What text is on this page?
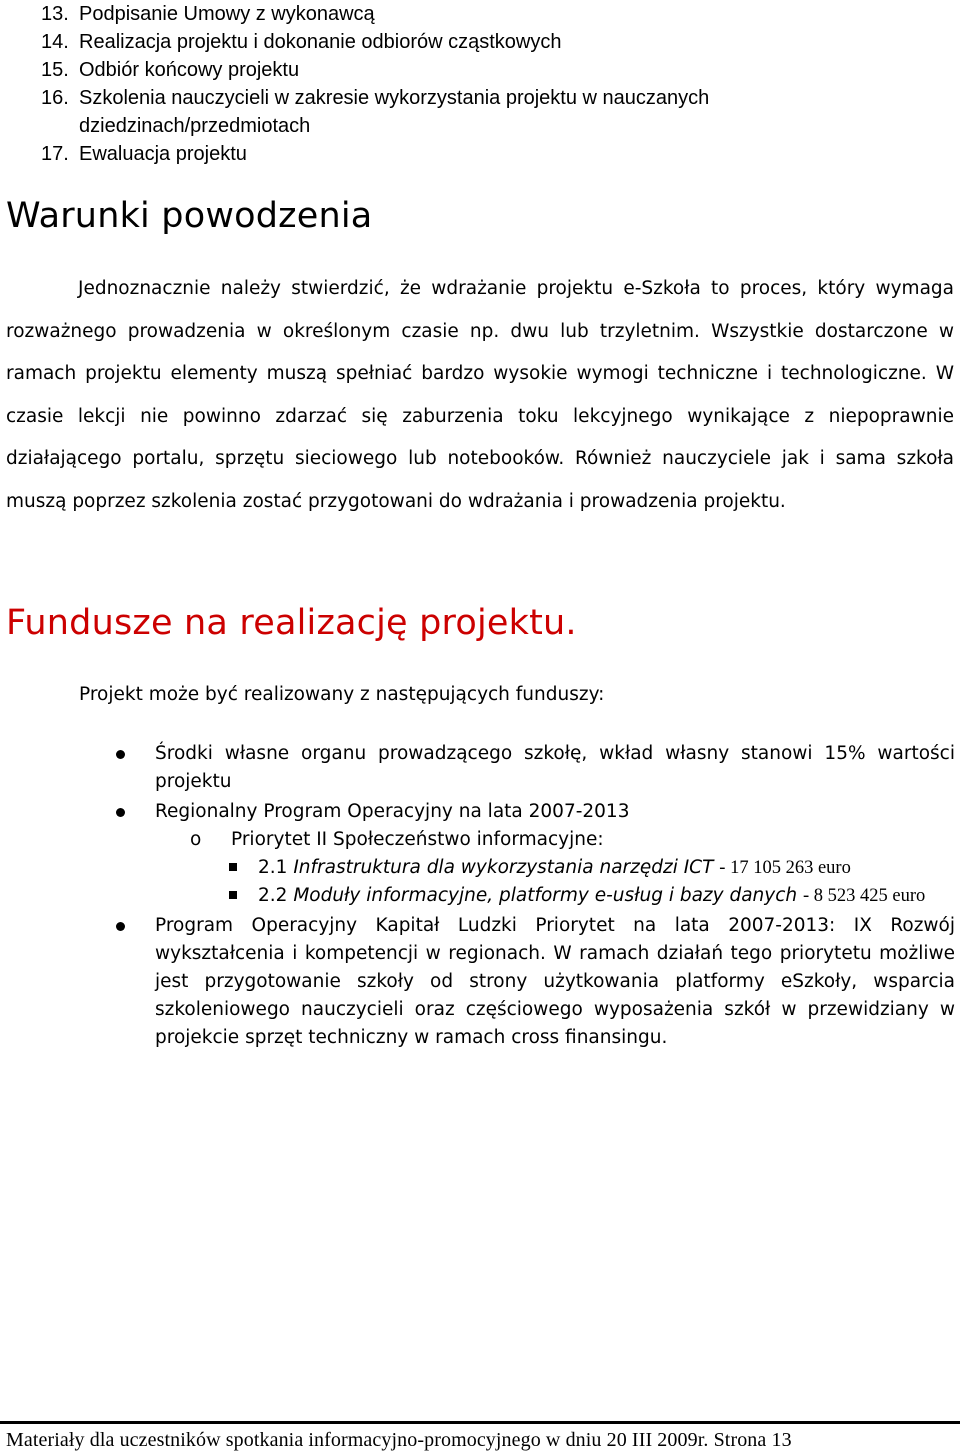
13. Podpisanie Umowy z wykonawcą
14. Realizacja projektu i dokonanie odbiorów cząstkowych
15. Odbiór końcowy projektu
16. Szkolenia nauczycieli w zakresie wykorzystania projektu w nauczanych dziedzinach/przedmiotach
17. Ewaluacja projektu
Warunki powodzenia

Jednoznacznie należy stwierdzić, że wdrażanie projektu e-Szkoła to proces, który wymaga rozważnego prowadzenia w określonym czasie np. dwu lub trzyletnim. Wszystkie dostarczone w ramach projektu elementy muszą spełniać bardzo wysokie wymogi techniczne i technologiczne. W czasie lekcji nie powinno zdarzać się zaburzenia toku lekcyjnego wynikające z niepoprawnie działającego portalu, sprzętu sieciowego lub notebooków. Również nauczyciele jak i sama szkoła muszą poprzez szkolenia zostać przygotowani do wdrażania i prowadzenia projektu.

Fundusze na realizację projektu.

Projekt może być realizowany z następujących funduszy:

Środki własne organu prowadzącego szkołę, wkład własny stanowi 15% wartości projektu
Regionalny Program Operacyjny na lata 2007-2013
o Priorytet II Społeczeństwo informacyjne:
2.1 Infrastruktura dla wykorzystania narzędzi ICT - 17 105 263 euro
2.2 Moduły informacyjne, platformy e-usług i bazy danych - 8 523 425 euro
Program Operacyjny Kapitał Ludzki Priorytet na lata 2007-2013: IX Rozwój wykształcenia i kompetencji w regionach. W ramach działań tego priorytetu możliwe jest przygotowanie szkoły od strony użytkowania platformy eSzkoły, wsparcia szkoleniowego nauczycieli oraz częściowego wyposażenia szkół w przewidziany w projekcie sprzęt techniczny w ramach cross finansingu.

Materiały dla uczestników spotkania informacyjno-promocyjnego w dniu 20 III 2009r. Strona 13
